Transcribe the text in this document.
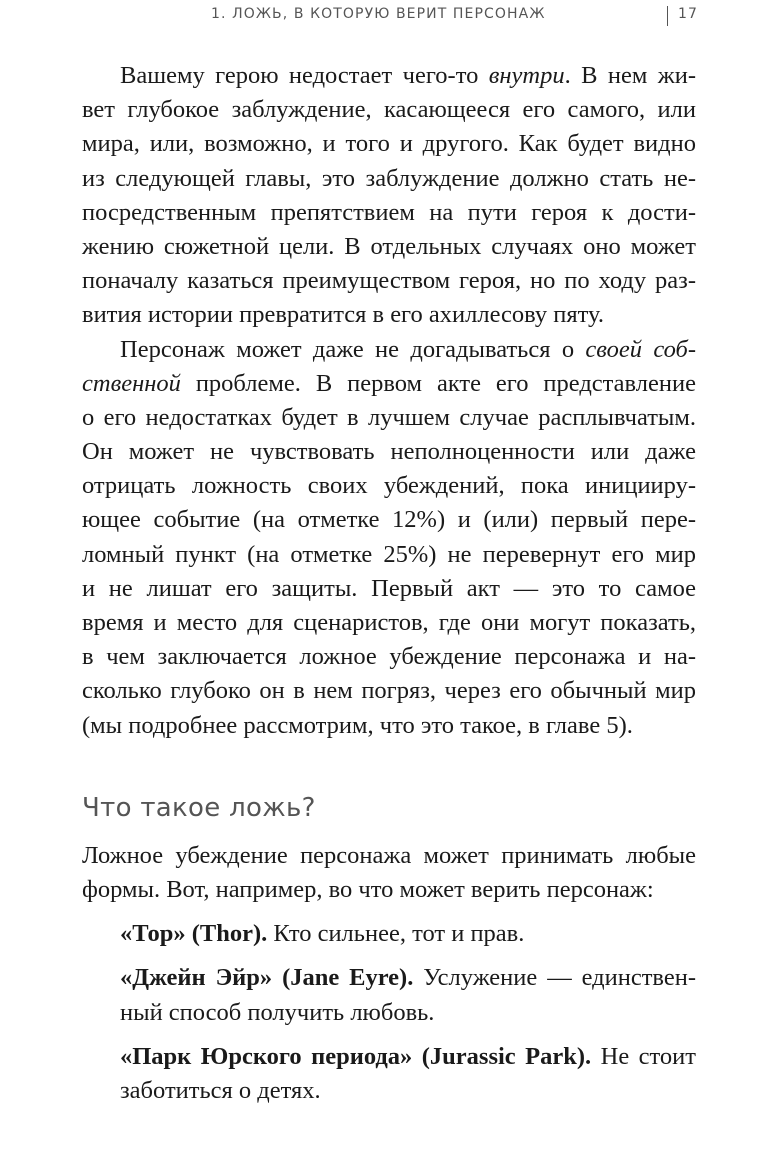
1. ЛОЖЬ, В КОТОРУЮ ВЕРИТ ПЕРСОНАЖ	17
Вашему герою недостает чего-то внутри. В нем жи-
вет глубокое заблуждение, касающееся его самого, или
мира, или, возможно, и того и другого. Как будет видно
из следующей главы, это заблуждение должно стать не-
посредственным препятствием на пути героя к дости-
жению сюжетной цели. В отдельных случаях оно может
поначалу казаться преимуществом героя, но по ходу раз-
вития истории превратится в его ахиллесову пяту.
Персонаж может даже не догадываться о своей соб-
ственной проблеме. В первом акте его представление
о его недостатках будет в лучшем случае расплывчатым.
Он может не чувствовать неполноценности или даже
отрицать ложность своих убеждений, пока иницииру-
ющее событие (на отметке 12%) и (или) первый пере-
ломный пункт (на отметке 25%) не перевернут его мир
и не лишат его защиты. Первый акт — это то самое
время и место для сценаристов, где они могут показать,
в чем заключается ложное убеждение персонажа и на-
сколько глубоко он в нем погряз, через его обычный мир
(мы подробнее рассмотрим, что это такое, в главе 5).
Что такое ложь?
Ложное убеждение персонажа может принимать любые
формы. Вот, например, во что может верить персонаж:
«Тор» (Thor). Кто сильнее, тот и прав.
«Джейн Эйр» (Jane Eyre). Услужение — единствен-
ный способ получить любовь.
«Парк Юрского периода» (Jurassic Park). Не стоит
заботиться о детях.
